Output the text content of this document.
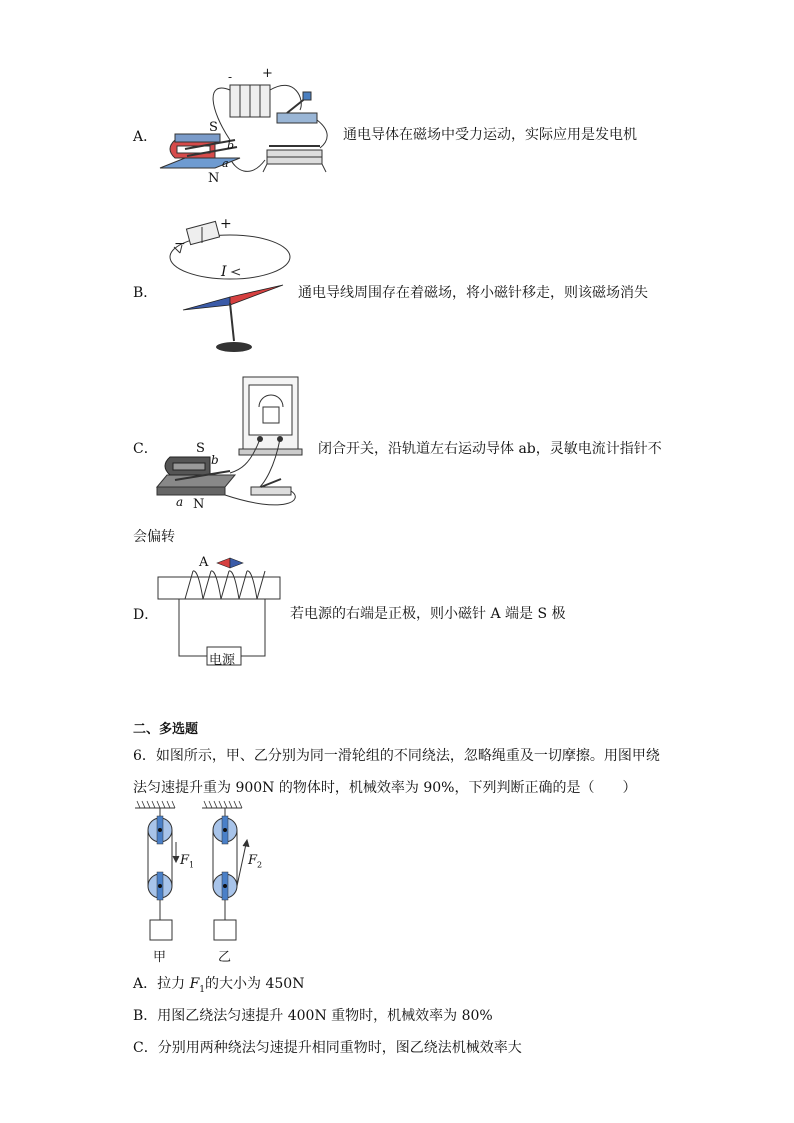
A．
S
N
b
a
- +
通电导体在磁场中受力运动，实际应用是发电机
B．
−
+
I
通电导线周围存在着磁场，将小磁针移走，则该磁场消失
C．	S
b
a N
闭合开关，沿轨道左右运动导体 ab，灵敏电流计指针不
会偏转
D．
A
电源
若电源的右端是正极，则小磁针 A 端是 S 极
二、多选题
6．如图所示，甲、乙分别为同一滑轮组的不同绕法，忽略绳重及一切摩擦。用图甲绕
法匀速提升重为 900N 的物体时，机械效率为 90%，下列判断正确的是（　　）
$F_1$	$F_2$
甲	乙
A．拉力 $F_1$的大小为 450N
B．用图乙绕法匀速提升 400N 重物时，机械效率为 80%
C．分别用两种绕法匀速提升相同重物时，图乙绕法机械效率大
